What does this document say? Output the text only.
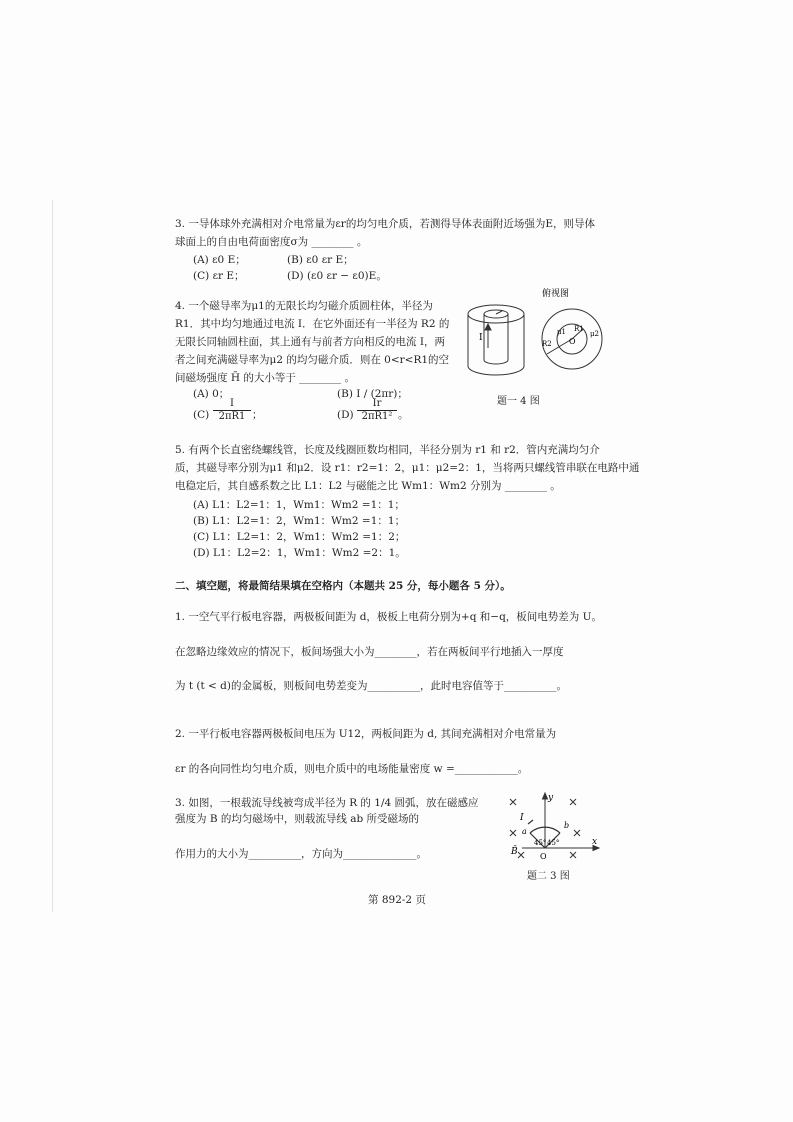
3. 一导体球外充满相对介电常量为εr的均匀电介质，若测得导体表面附近场强为E，则导体
球面上的自由电荷面密度σ为 ________ 。
(A) ε0 E；	(B) ε0 εr E；
(C) εr E；	(D) (ε0 εr − ε0)E。
4. 一个磁导率为μ1的无限长均匀磁介质圆柱体，半径为
R1．其中均匀地通过电流 I．在它外面还有一半径为 R2 的
无限长同轴圆柱面，其上通有与前者方向相反的电流 I，两
者之间充满磁导率为μ2 的均匀磁介质．则在 0<r<R1的空
间磁场强度 H̄ 的大小等于 ________ 。
(A) 0；	(B) I / (2πr)；
$(C) \frac{I}{2\pi R1}$ ；	$(D) \frac{Ir}{\text{2πR1²}}$ 。
I
俯视图
O
R1
R2
μ1	μ2
题一 4 图
5. 有两个长直密绕螺线管，长度及线圈匝数均相同，半径分别为 r1 和 r2．管内充满均匀介
质，其磁导率分别为μ1 和μ2．设 r1：r2=1：2，μ1：μ2=2：1，当将两只螺线管串联在电路中通
电稳定后，其自感系数之比 L1：L2 与磁能之比 Wm1：Wm2 分别为 ________ 。
(A) L1：L2=1：1，Wm1：Wm2 =1：1；
(B) L1：L2=1：2，Wm1：Wm2 =1：1；
(C) L1：L2=1：2，Wm1：Wm2 =1：2；
(D) L1：L2=2：1，Wm1：Wm2 =2：1。
二、填空题，将最简结果填在空格内（本题共 25 分，每小题各 5 分）。
1. 一空气平行板电容器，两极板间距为 d，极板上电荷分别为+q 和−q，板间电势差为 U。
在忽略边缘效应的情况下，板间场强大小为________，若在两板间平行地插入一厚度
为 t (t < d)的金属板，则板间电势差变为__________，此时电容值等于__________。
2. 一平行板电容器两极板间电压为 U12，两板间距为 d, 其间充满相对介电常量为
εr 的各向同性均匀电介质，则电介质中的电场能量密度 w =____________。
3. 如图，一根载流导线被弯成半径为 R 的 1/4 圆弧，放在磁感应
强度为 B 的均匀磁场中，则载流导线 ab 所受磁场的
作用力的大小为__________，方向为______________。
y
x
I
a
b
B̄	O
45° 45°
题二 3 图
第 892-2 页
